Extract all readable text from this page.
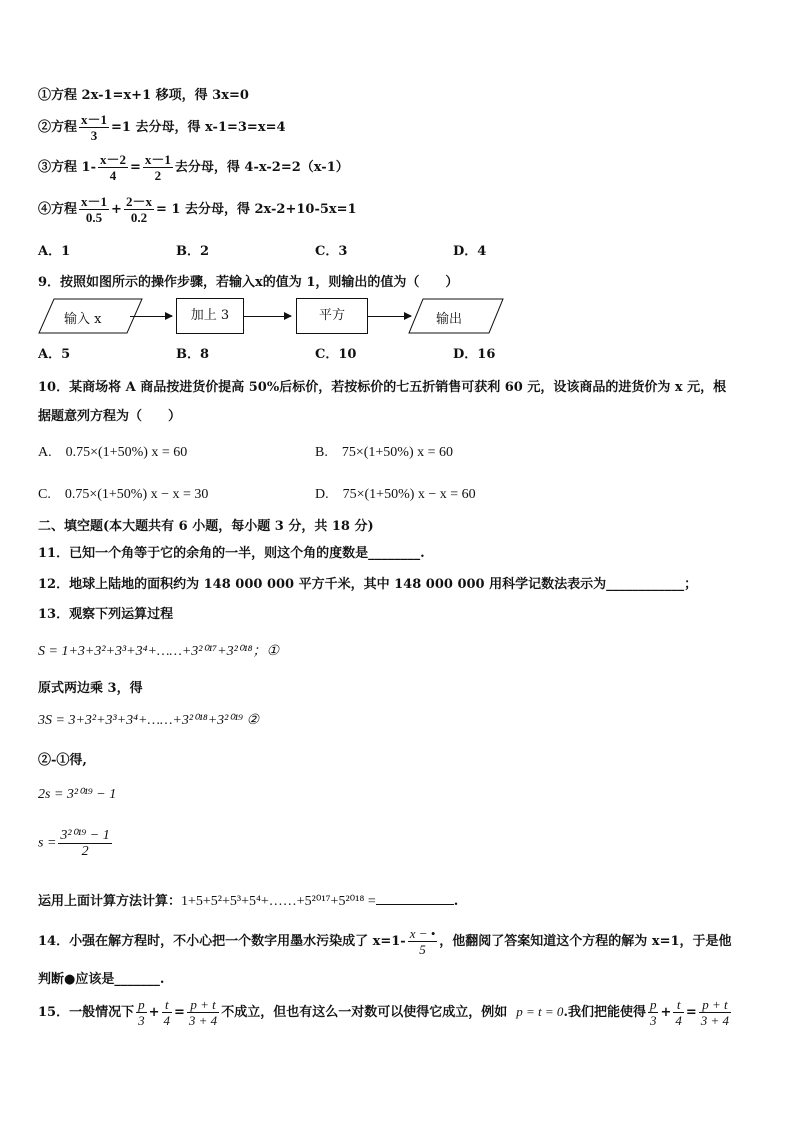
①方程 2x-1=x+1 移项，得 3x=0
②方程 $\frac{x-1}{3} =1$ 去分母，得 x-1=3=x=4
③方程 $1- \frac{x-2}{4} = \frac{x-1}{2}$ 去分母，得 4-x-2=2（x-1）
④方程 $\frac{x-1}{0.5} + \frac{2-x}{0.2} = 1$ 去分母，得 2x-2+10-5x=1
A．1	B．2	C．3	D．4
9．按照如图所示的操作步骤，若输入x的值为 1，则输出的值为（　　）
输入 x	加上 3	平方	输出
A．5	B．8	C．10	D．16
10．某商场将 A 商品按进货价提高 50%后标价，若按标价的七五折销售可获利 60 元，设该商品的进货价为 x 元，根
据题意列方程为（　　）
A.　0.75×(1+50%) x = 60	B.　75×(1+50%) x = 60
C.　0.75×(1+50%) x − x = 30	D.　75×(1+50%) x − x = 60
二、填空题(本大题共有 6 小题，每小题 3 分，共 18 分)
11．已知一个角等于它的余角的一半，则这个角的度数是________.
12．地球上陆地的面积约为 148 000 000 平方千米，其中 148 000 000 用科学记数法表示为____________；
13．观察下列运算过程
S = 1+3+3²+3³+3⁴+……+3²⁰¹⁷+3²⁰¹⁸；①
原式两边乘 3，得
3S = 3+3²+3³+3⁴+……+3²⁰¹⁸+3²⁰¹⁹ ②
②-①得,
2s = 3²⁰¹⁹ − 1
$s = \frac{\text{3²⁰¹⁹ − 1}}{2}$
运用上面计算方法计算：1+5+5²+5³+5⁴+……+5²⁰¹⁷+5²⁰¹⁸ =	.
14．小强在解方程时，不小心把一个数字用墨水污染成了 $x=1- \frac{x - •}{5}$ ，他翻阅了答案知道这个方程的解为 x=1，于是他
判断●应该是_______.
15．一般情况下 $\frac{p}{3} + \frac{t}{4} = \frac{p + t}{3 + 4}$ 不成立，但也有这么一对数可以使得它成立，例如 p = t = 0.我们把能使得 $\frac{p}{3} + \frac{t}{4} = \frac{p + t}{3 + 4}$
